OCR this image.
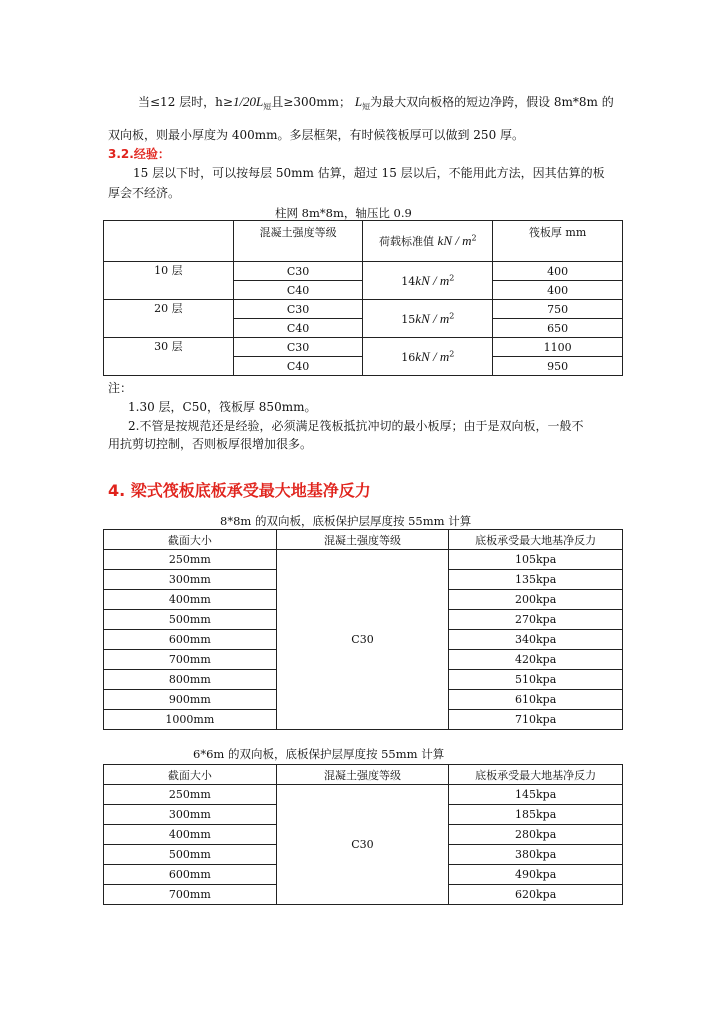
当≤12 层时，$h\ge 1/20L_短$且≥300mm； $L_短$为最大双向板格的短边净跨，假设 8m*8m 的
双向板，则最小厚度为 400mm。多层框架，有时候筏板厚可以做到 250 厚。
3.2.经验：
15 层以下时，可以按每层 50mm 估算，超过 15 层以后，不能用此方法，因其估算的板
厚会不经济。
柱网 8m*8m，轴压比 0.9
	混凝土强度等级	荷载标准值 kN / $m^2$	筏板厚 mm
10 层	C30	$14kN / m^2$	400
	C40		400
20 层	C30	$15kN / m^2$	750
	C40		650
30 层	C30	$16kN / m^2$	1100
	C40		950
注：
1.30 层，C50，筏板厚 850mm。
2.不管是按规范还是经验，必须满足筏板抵抗冲切的最小板厚；由于是双向板，一般不
用抗剪切控制，否则板厚很增加很多。
4. 梁式筏板底板承受最大地基净反力
8*8m 的双向板，底板保护层厚度按 55mm 计算
截面大小	混凝土强度等级	底板承受最大地基净反力
250mm	C30	105kpa
300mm		135kpa
400mm		200kpa
500mm		270kpa
600mm		340kpa
700mm		420kpa
800mm		510kpa
900mm		610kpa
1000mm		710kpa
6*6m 的双向板，底板保护层厚度按 55mm 计算
截面大小	混凝土强度等级	底板承受最大地基净反力
250mm	C30	145kpa
300mm		185kpa
400mm		280kpa
500mm		380kpa
600mm		490kpa
700mm		620kpa
